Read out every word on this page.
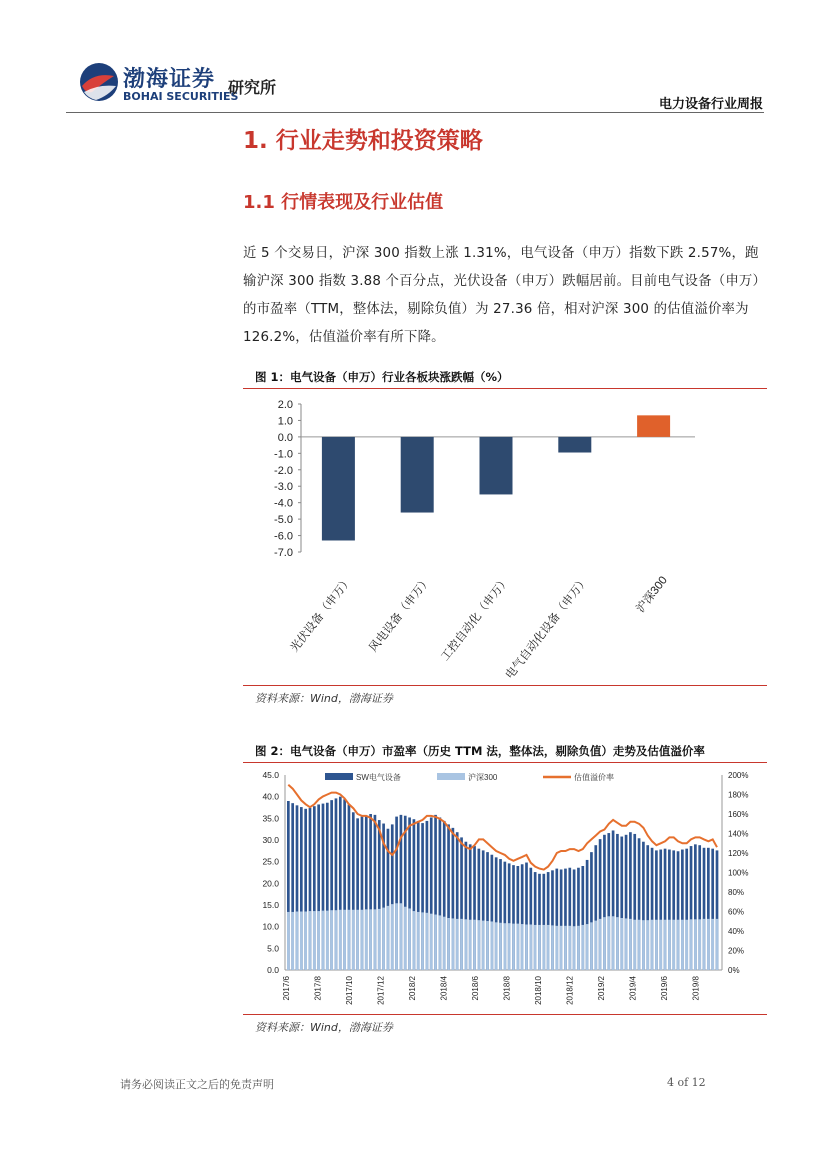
渤海证券
BOHAI SECURITIES
研究所
电力设备行业周报
1. 行业走势和投资策略
1.1 行情表现及行业估值
近 5 个交易日，沪深 300 指数上涨 1.31%，电气设备（申万）指数下跌 2.57%，跑输沪深 300 指数 3.88 个百分点，光伏设备（申万）跌幅居前。目前电气设备（申万）的市盈率（TTM，整体法，剔除负值）为 27.36 倍，相对沪深 300 的估值溢价率为 126.2%，估值溢价率有所下降。
图 1：电气设备（申万）行业各板块涨跌幅（%）
2.0
1.0
0.0
-1.0
-2.0
-3.0
-4.0
-5.0
-6.0
-7.0
光伏设备（申万） 风电设备（申万） 工控自动化（申万）
电气自动化设备（申万）	沪深300
资料来源：Wind，渤海证券
图 2：电气设备（申万）市盈率（历史 TTM 法，整体法，剔除负值）走势及估值溢价率
45.0
40.0
35.0
30.0
25.0
20.0
15.0
10.0
5.0
0.0
200%
180%
160%
140%
120%
100%
80%
60%
40%
20%
0%
2017/6	2017/8	2017/10	2017/12	2018/2	2018/4	2018/6	2018/8	2018/10	2018/12	2019/2	2019/4	2019/6	2019/8
SW电气设备	沪深300	估值溢价率
资料来源：Wind，渤海证券
请务必阅读正文之后的免责声明	4 of 12
